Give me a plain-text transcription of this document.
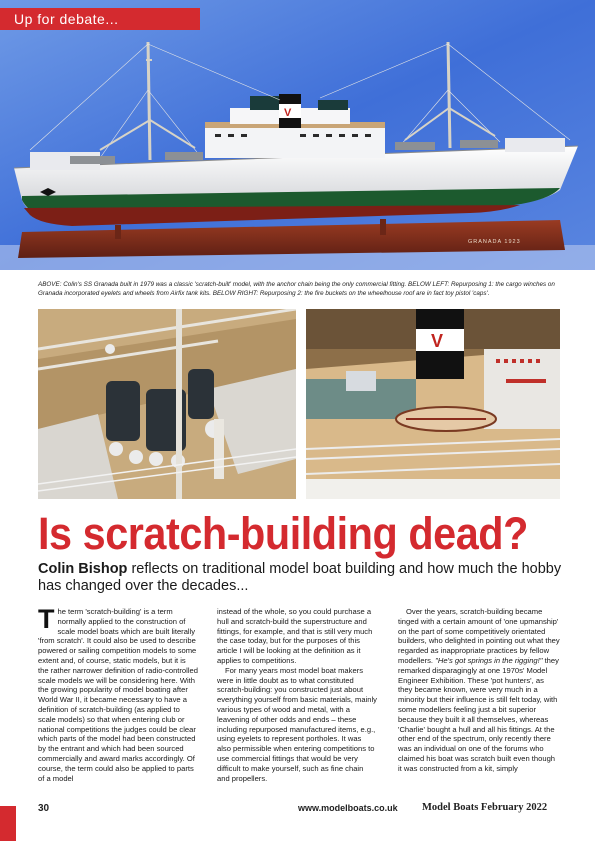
GRANADA 1923
V
Up for debate...
ABOVE: Colin's SS Granada built in 1979 was a classic 'scratch-built' model, with the anchor chain being the only commercial fitting. BELOW LEFT: Repurposing 1: the cargo winches on Granada incorporated eyelets and wheels from Airfix tank kits. BELOW RIGHT: Repurposing 2: the fire buckets on the wheelhouse roof are in fact toy pistol 'caps'.
V
Is scratch-building dead?
Colin Bishop reflects on traditional model boat building and how much the hobby has changed over the decades...

The term 'scratch-building' is a term normally applied to the construction of scale model boats which are built literally 'from scratch'. It could also be used to describe powered or sailing competition models to some extent and, of course, static models, but it is the rather narrower definition of radio-controlled scale models we will be considering here. With the growing popularity of model boating after World War II, it became necessary to have a definition of scratch-building (as applied to scale models) so that when entering club or national competitions the judges could be clear which parts of the model had been constructed by the entrant and which had been sourced commercially and award marks accordingly. Of course, the term could also be applied to parts of a model

instead of the whole, so you could purchase a hull and scratch-build the superstructure and fittings, for example, and that is still very much the case today, but for the purposes of this article I will be looking at the definition as it applies to competitions.

For many years most model boat makers were in little doubt as to what constituted scratch-building: you constructed just about everything yourself from basic materials, mainly various types of wood and metal, with a leavening of other odds and ends – these including repurposed manufactured items, e.g., using eyelets to represent portholes. It was also permissible when entering competitions to use commercial fittings that would be very difficult to make yourself, such as fine chain and propellers.

Over the years, scratch-building became tinged with a certain amount of 'one upmanship' on the part of some competitively orientated builders, who delighted in pointing out what they regarded as inappropriate practices by fellow modellers. "He's got springs in the rigging!" they remarked disparagingly at one 1970s' Model Engineer Exhibition. These 'pot hunters', as they became known, were very much in a minority but their influence is still felt today, with some modellers feeling just a bit superior because they built it all themselves, whereas 'Charlie' bought a hull and all his fittings. At the other end of the spectrum, only recently there was an individual on one of the forums who claimed his boat was scratch built even though it was constructed from a kit, simply

30	www.modelboats.co.uk Model Boats February 2022
